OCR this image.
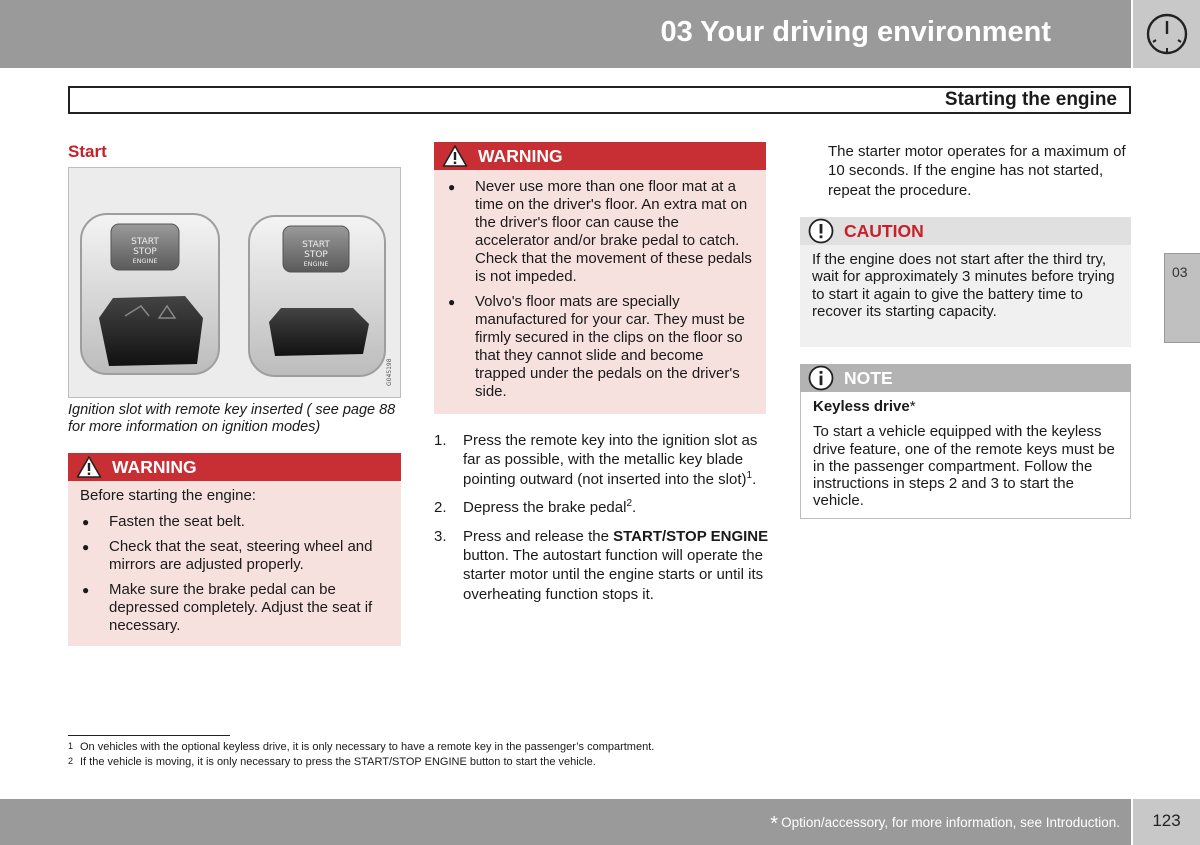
03 Your driving environment
Starting the engine
Start
START
STOP
ENGINE
START
STOP
ENGINE
G045198
Ignition slot with remote key inserted ( see page 88 for more information on ignition modes)
WARNING
Before starting the engine:
● Fasten the seat belt.
● Check that the seat, steering wheel and mirrors are adjusted properly.
● Make sure the brake pedal can be depressed completely. Adjust the seat if necessary.
WARNING
● Never use more than one floor mat at a time on the driver's floor. An extra mat on the driver's floor can cause the accelerator and/or brake pedal to catch. Check that the movement of these pedals is not impeded.
● Volvo's floor mats are specially manufactured for your car. They must be firmly secured in the clips on the floor so that they cannot slide and become trapped under the pedals on the driver's side.
1. Press the remote key into the ignition slot as far as possible, with the metallic key blade pointing outward (not inserted into the slot)$^1$.
2. Depress the brake pedal$^2$.
3. Press and release the START/STOP ENGINE button. The autostart function will operate the starter motor until the engine starts or until its overheating function stops it.
The starter motor operates for a maximum of 10 seconds. If the engine has not started, repeat the procedure.
CAUTION
If the engine does not start after the third try, wait for approximately 3 minutes before trying to start it again to give the battery time to recover its starting capacity.
NOTE
Keyless drive*
To start a vehicle equipped with the keyless drive feature, one of the remote keys must be in the passenger compartment. Follow the instructions in steps 2 and 3 to start the vehicle.
03
1 On vehicles with the optional keyless drive, it is only necessary to have a remote key in the passenger’s compartment.
2 If the vehicle is moving, it is only necessary to press the START/STOP ENGINE button to start the vehicle.
* Option/accessory, for more information, see Introduction.	123
